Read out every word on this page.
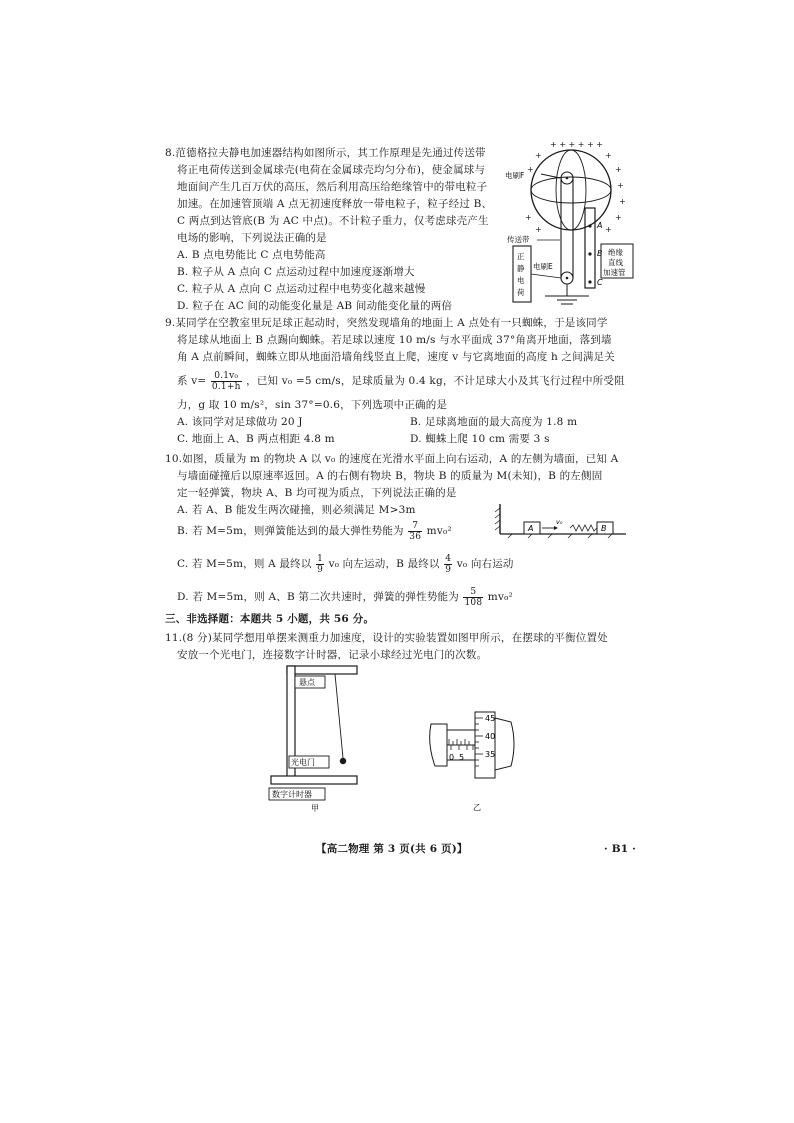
8.范德格拉夫静电加速器结构如图所示，其工作原理是先通过传送带
将正电荷传送到金属球壳(电荷在金属球壳均匀分布)，使金属球与
地面间产生几百万伏的高压，然后利用高压给绝缘管中的带电粒子
加速。在加速管顶端 A 点无初速度释放一带电粒子，粒子经过 B、
C 两点到达管底(B 为 AC 中点)。不计粒子重力，仅考虑球壳产生
电场的影响，下列说法正确的是
A. B 点电势能比 C 点电势能高
B. 粒子从 A 点向 C 点运动过程中加速度逐渐增大
C. 粒子从 A 点向 C 点运动过程中电势变化越来越慢
D. 粒子在 AC 间的动能变化量是 AB 间动能变化量的两倍
+ + + + + +
+	+
+	+
+
+
+
+
+
+	A
B
C
电刷F
传送带
正 静 电 荷
电刷E
绝缘 直线 加速管
9.某同学在空教室里玩足球正起动时，突然发现墙角的地面上 A 点处有一只蜘蛛，于是该同学
将足球从地面上 B 点踢向蜘蛛。若足球以速度 10 m/s 与水平面成 37°角离开地面，落到墙
角 A 点前瞬间，蜘蛛立即从地面沿墙角线竖直上爬，速度 v 与它离地面的高度 h 之间满足关
系 $v= \frac{\text{0.1v₀}}{0.1+h}$ ，已知 v₀ =5 cm/s，足球质量为 0.4 kg，不计足球大小及其飞行过程中所受阻
力，g 取 10 m/s²，sin 37°=0.6，下列选项中正确的是
A. 该同学对足球做功 20 J	B. 足球离地面的最大高度为 1.8 m
C. 地面上 A、B 两点相距 4.8 m	D. 蜘蛛上爬 10 cm 需要 3 s
10.如图，质量为 m 的物块 A 以 v₀ 的速度在光滑水平面上向右运动，A 的左侧为墙面，已知 A
与墙面碰撞后以原速率返回。A 的右侧有物块 B，物块 B 的质量为 M(未知)，B 的左侧固
定一轻弹簧，物块 A、B 均可视为质点，下列说法正确的是
A. 若 A、B 能发生两次碰撞，则必须满足 M>3m
B. 若 M=5m，则弹簧能达到的最大弹性势能为 $\frac{7}{36} mv_0^2$
C. 若 M=5m，则 A 最终以 $\frac{1}{9} v_0$ 向左运动，B 最终以 $\frac{4}{9} v_0$ 向右运动
D. 若 M=5m，则 A、B 第二次共速时，弹簧的弹性势能为 $\frac{5}{108} mv_0^2$
A
v₀
B
三、非选择题：本题共 5 小题，共 56 分。
11.(8 分)某同学想用单摆来测重力加速度，设计的实验装置如图甲所示，在摆球的平衡位置处
安放一个光电门，连接数字计时器，记录小球经过光电门的次数。
悬点
光电门
数字计时器
甲
0 5
45
40
35
乙
【高二物理 第 3 页(共 6 页)】	· B1 ·
